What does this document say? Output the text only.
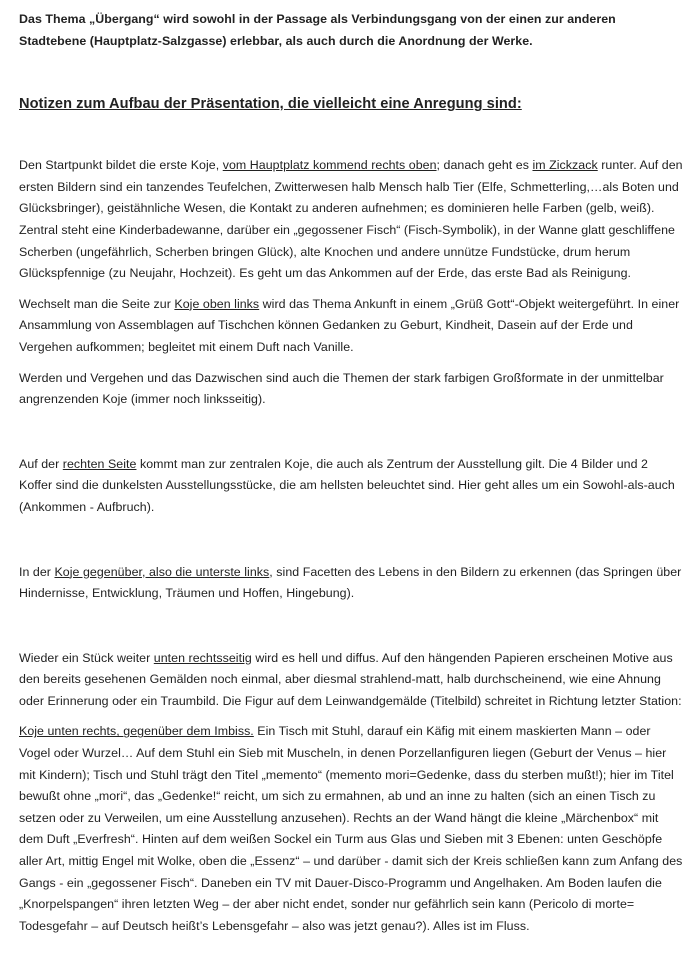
Das Thema „Übergang“ wird sowohl in der Passage als Verbindungsgang von der einen zur anderen Stadtebene (Hauptplatz-Salzgasse) erlebbar, als auch durch die Anordnung der Werke.

Notizen zum Aufbau der Präsentation, die vielleicht eine Anregung sind:

Den Startpunkt bildet die erste Koje, vom Hauptplatz kommend rechts oben; danach geht es im Zickzack runter. Auf den ersten Bildern sind ein tanzendes Teufelchen, Zwitterwesen halb Mensch halb Tier (Elfe, Schmetterling,…als Boten und Glücksbringer), geistähnliche Wesen, die Kontakt zu anderen aufnehmen; es dominieren helle Farben (gelb, weiß). Zentral steht eine Kinderbadewanne, darüber ein „gegossener Fisch“ (Fisch-Symbolik), in der Wanne glatt geschliffene Scherben (ungefährlich, Scherben bringen Glück), alte Knochen und andere unnütze Fundstücke, drum herum Glückspfennige (zu Neujahr, Hochzeit). Es geht um das Ankommen auf der Erde, das erste Bad als Reinigung.

Wechselt man die Seite zur Koje oben links wird das Thema Ankunft in einem „Grüß Gott“-Objekt weitergeführt. In einer Ansammlung von Assemblagen auf Tischchen können Gedanken zu Geburt, Kindheit, Dasein auf der Erde und Vergehen aufkommen; begleitet mit einem Duft nach Vanille.

Werden und Vergehen und das Dazwischen sind auch die Themen der stark farbigen Großformate in der unmittelbar angrenzenden Koje (immer noch linksseitig).

Auf der rechten Seite kommt man zur zentralen Koje, die auch als Zentrum der Ausstellung gilt. Die 4 Bilder und 2 Koffer sind die dunkelsten Ausstellungsstücke, die am hellsten beleuchtet sind. Hier geht alles um ein Sowohl-als-auch (Ankommen - Aufbruch).

In der Koje gegenüber, also die unterste links, sind Facetten des Lebens in den Bildern zu erkennen (das Springen über Hindernisse, Entwicklung, Träumen und Hoffen, Hingebung).

Wieder ein Stück weiter unten rechtsseitig wird es hell und diffus. Auf den hängenden Papieren erscheinen Motive aus den bereits gesehenen Gemälden noch einmal, aber diesmal strahlend-matt, halb durchscheinend, wie eine Ahnung oder Erinnerung oder ein Traumbild. Die Figur auf dem Leinwandgemälde (Titelbild) schreitet in Richtung letzter Station:

Koje unten rechts, gegenüber dem Imbiss. Ein Tisch mit Stuhl, darauf ein Käfig mit einem maskierten Mann – oder Vogel oder Wurzel… Auf dem Stuhl ein Sieb mit Muscheln, in denen Porzellanfiguren liegen (Geburt der Venus – hier mit Kindern); Tisch und Stuhl trägt den Titel „memento“ (memento mori=Gedenke, dass du sterben mußt!); hier im Titel bewußt ohne „mori“, das „Gedenke!“ reicht, um sich zu ermahnen, ab und an inne zu halten (sich an einen Tisch zu setzen oder zu Verweilen, um eine Ausstellung anzusehen). Rechts an der Wand hängt die kleine „Märchenbox“ mit dem Duft „Everfresh“. Hinten auf dem weißen Sockel ein Turm aus Glas und Sieben mit 3 Ebenen: unten Geschöpfe aller Art, mittig Engel mit Wolke, oben die „Essenz“ – und darüber - damit sich der Kreis schließen kann zum Anfang des Gangs - ein „gegossener Fisch“. Daneben ein TV mit Dauer-Disco-Programm und Angelhaken. Am Boden laufen die „Knorpelspangen“ ihren letzten Weg – der aber nicht endet, sonder nur gefährlich sein kann (Pericolo di morte= Todesgefahr – auf Deutsch heißt’s Lebensgefahr – also was jetzt genau?). Alles ist im Fluss.
